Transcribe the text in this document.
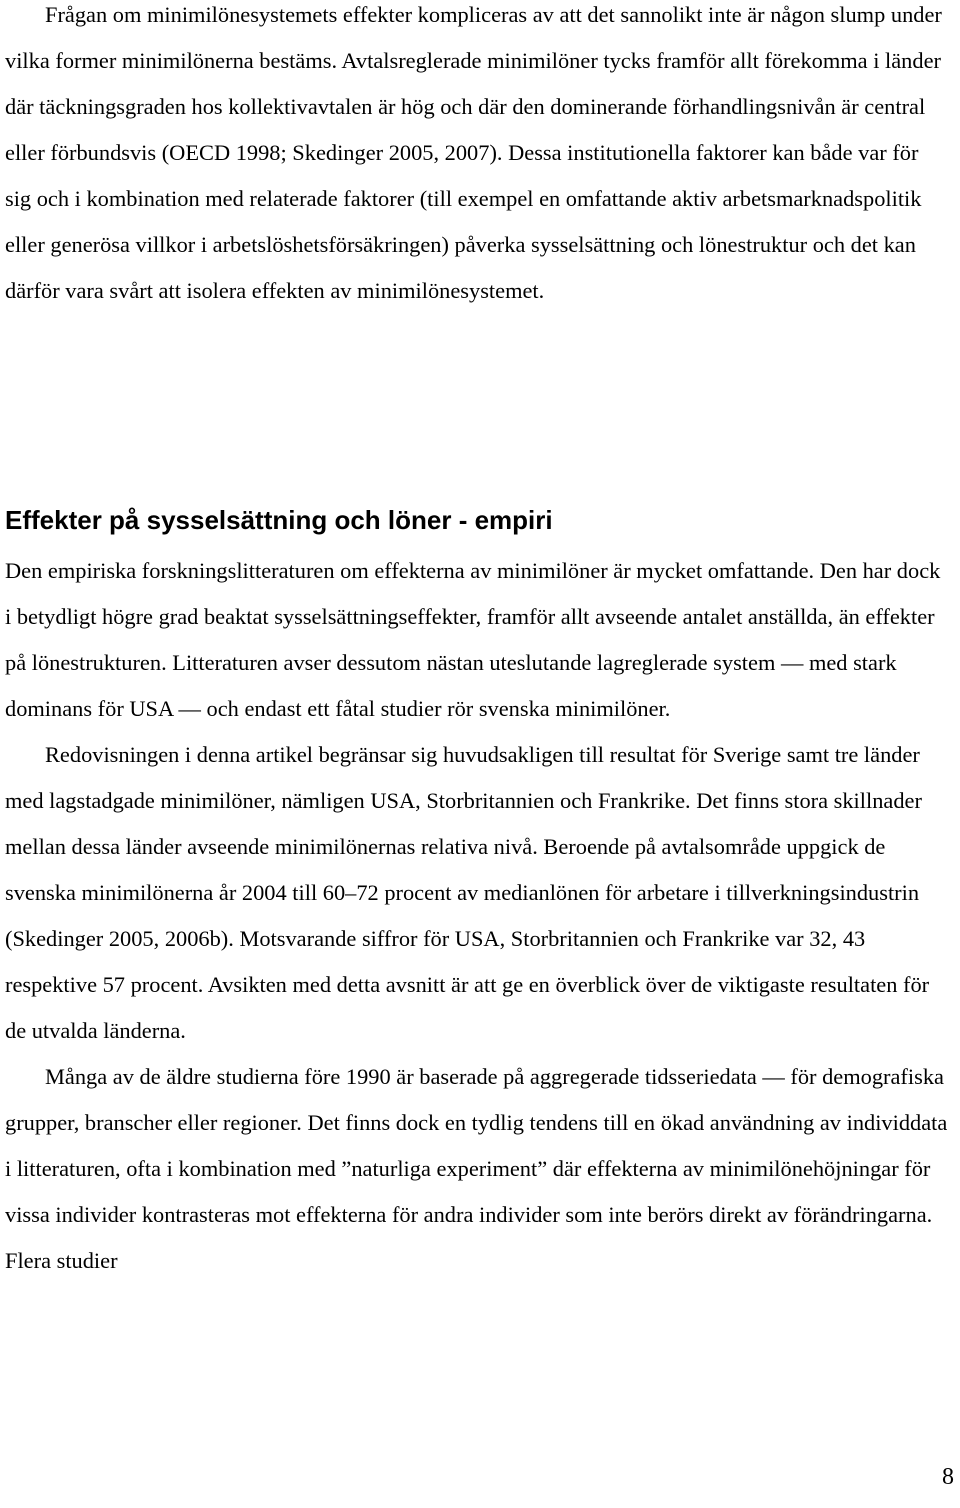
Frågan om minimilönesystemets effekter kompliceras av att det sannolikt inte är någon slump under vilka former minimilönerna bestäms. Avtalsreglerade minimilöner tycks framför allt förekomma i länder där täckningsgraden hos kollektivavtalen är hög och där den dominerande förhandlingsnivån är central eller förbundsvis (OECD 1998; Skedinger 2005, 2007). Dessa institutionella faktorer kan både var för sig och i kombination med relaterade faktorer (till exempel en omfattande aktiv arbetsmarknadspolitik eller generösa villkor i arbetslöshetsförsäkringen) påverka sysselsättning och lönestruktur och det kan därför vara svårt att isolera effekten av minimilönesystemet.

Effekter på sysselsättning och löner - empiri

Den empiriska forskningslitteraturen om effekterna av minimilöner är mycket omfattande. Den har dock i betydligt högre grad beaktat sysselsättningseffekter, framför allt avseende antalet anställda, än effekter på lönestrukturen. Litteraturen avser dessutom nästan uteslutande lagreglerade system — med stark dominans för USA — och endast ett fåtal studier rör svenska minimilöner.

Redovisningen i denna artikel begränsar sig huvudsakligen till resultat för Sverige samt tre länder med lagstadgade minimilöner, nämligen USA, Storbritannien och Frankrike. Det finns stora skillnader mellan dessa länder avseende minimilönernas relativa nivå. Beroende på avtalsområde uppgick de svenska minimilönerna år 2004 till 60–72 procent av medianlönen för arbetare i tillverkningsindustrin (Skedinger 2005, 2006b). Motsvarande siffror för USA, Storbritannien och Frankrike var 32, 43 respektive 57 procent. Avsikten med detta avsnitt är att ge en överblick över de viktigaste resultaten för de utvalda länderna.

Många av de äldre studierna före 1990 är baserade på aggregerade tidsseriedata — för demografiska grupper, branscher eller regioner. Det finns dock en tydlig tendens till en ökad användning av individdata i litteraturen, ofta i kombination med ”naturliga experiment” där effekterna av minimilönehöjningar för vissa individer kontrasteras mot effekterna för andra individer som inte berörs direkt av förändringarna. Flera studier

8
